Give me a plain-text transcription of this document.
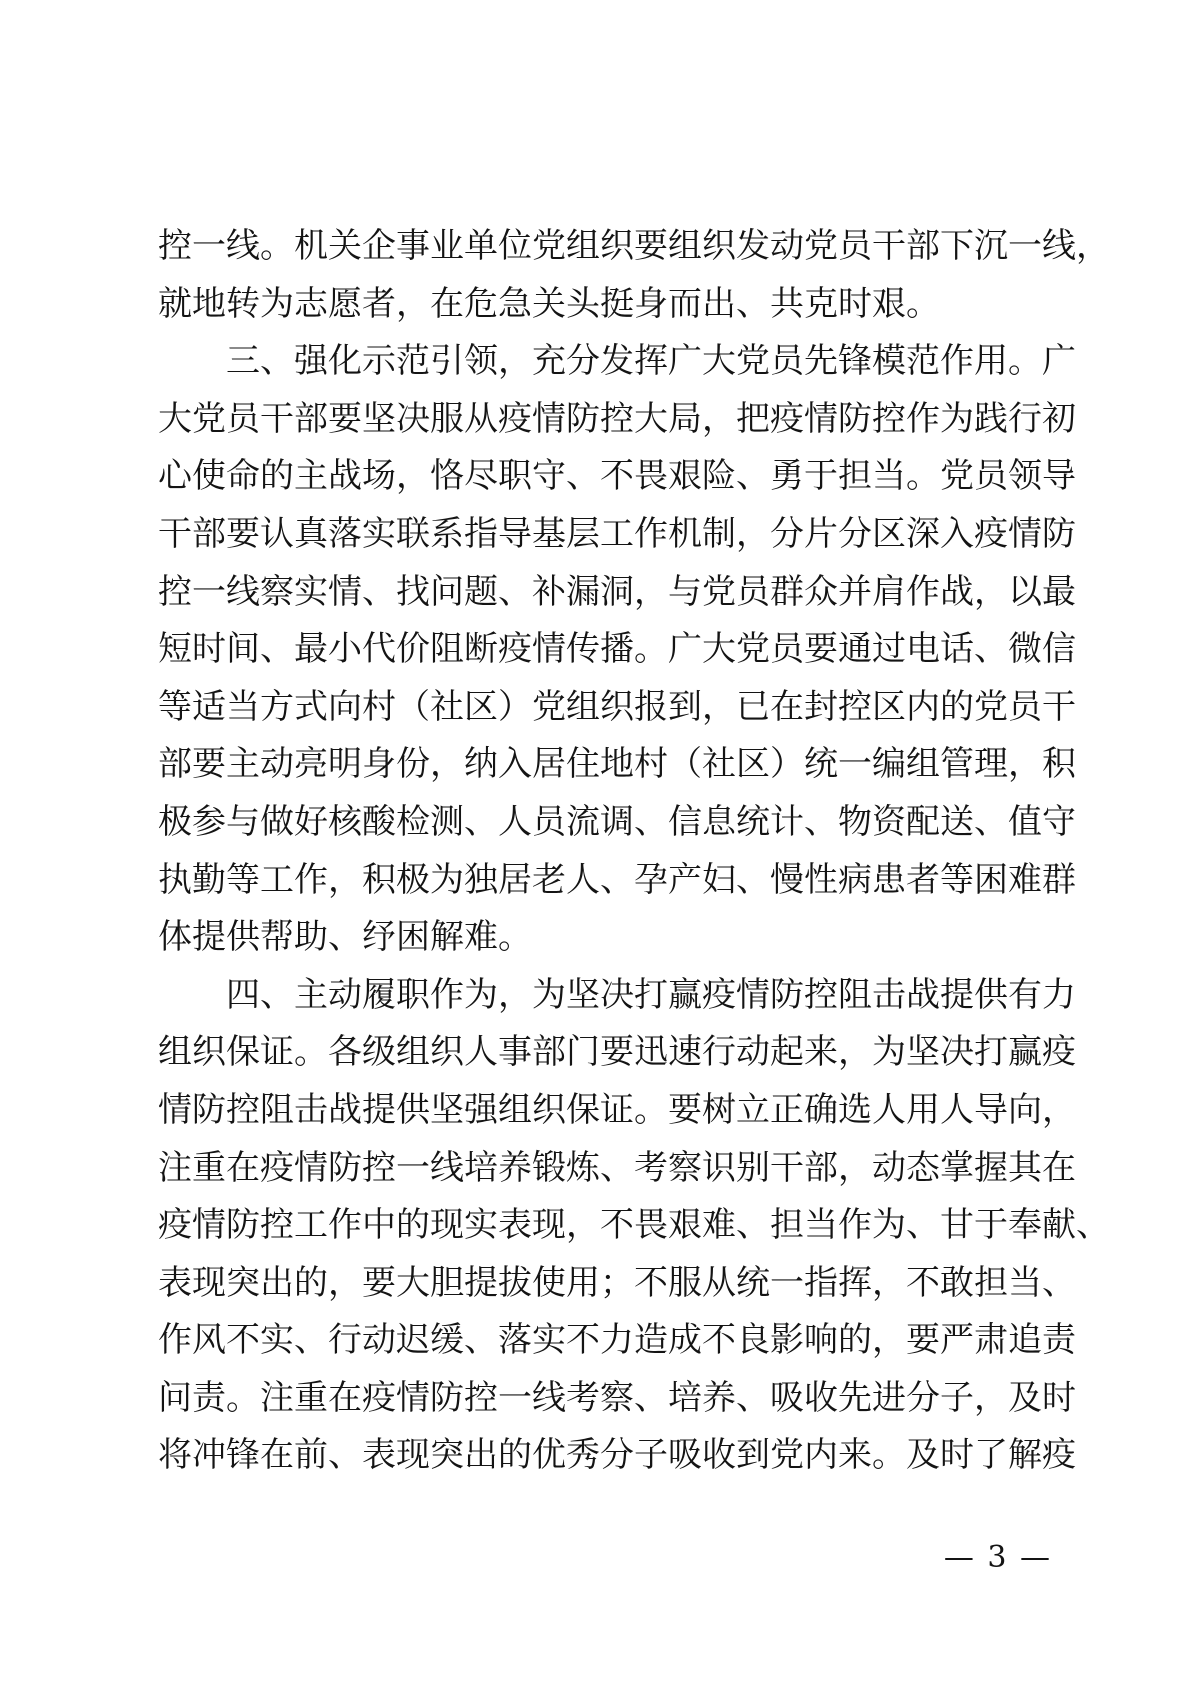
控一线。机关企事业单位党组织要组织发动党员干部下沉一线，
就地转为志愿者，在危急关头挺身而出、共克时艰。
三、强化示范引领，充分发挥广大党员先锋模范作用。广
大党员干部要坚决服从疫情防控大局，把疫情防控作为践行初
心使命的主战场，恪尽职守、不畏艰险、勇于担当。党员领导
干部要认真落实联系指导基层工作机制，分片分区深入疫情防
控一线察实情、找问题、补漏洞，与党员群众并肩作战，以最
短时间、最小代价阻断疫情传播。广大党员要通过电话、微信
等适当方式向村（社区）党组织报到，已在封控区内的党员干
部要主动亮明身份，纳入居住地村（社区）统一编组管理，积
极参与做好核酸检测、人员流调、信息统计、物资配送、值守
执勤等工作，积极为独居老人、孕产妇、慢性病患者等困难群
体提供帮助、纾困解难。
四、主动履职作为，为坚决打赢疫情防控阻击战提供有力
组织保证。各级组织人事部门要迅速行动起来，为坚决打赢疫
情防控阻击战提供坚强组织保证。要树立正确选人用人导向，
注重在疫情防控一线培养锻炼、考察识别干部，动态掌握其在
疫情防控工作中的现实表现，不畏艰难、担当作为、甘于奉献、
表现突出的，要大胆提拔使用；不服从统一指挥，不敢担当、
作风不实、行动迟缓、落实不力造成不良影响的，要严肃追责
问责。注重在疫情防控一线考察、培养、吸收先进分子，及时
将冲锋在前、表现突出的优秀分子吸收到党内来。及时了解疫
— 3 —
